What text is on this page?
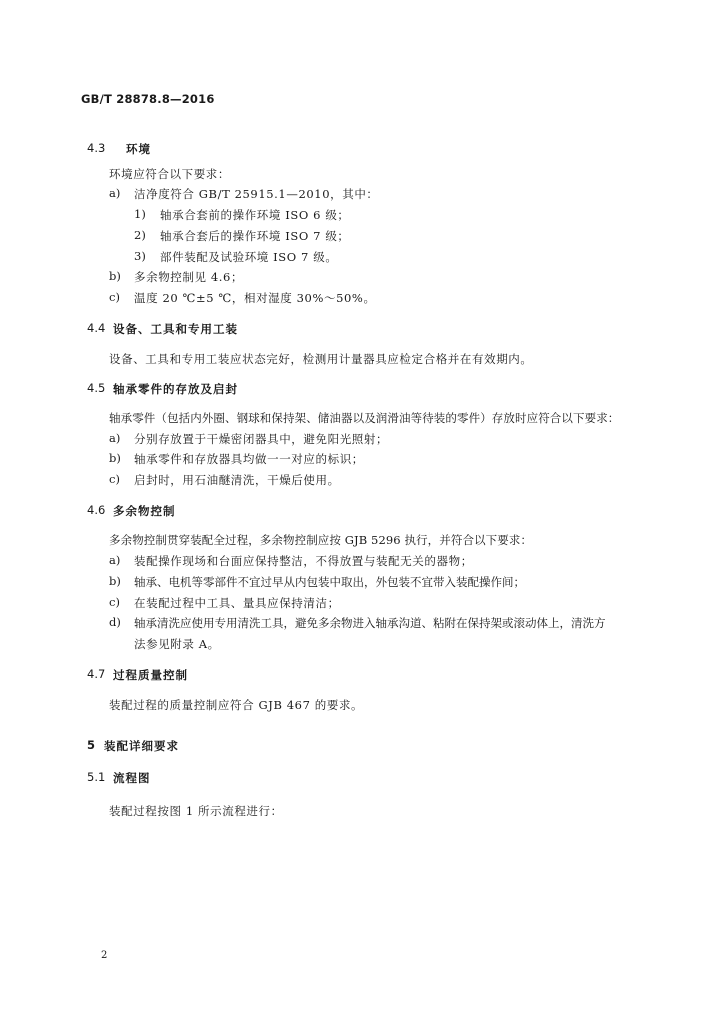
GB/T 28878.8—2016
4.3 环境
环境应符合以下要求：
a) 洁净度符合 GB/T 25915.1—2010，其中：
1) 轴承合套前的操作环境 ISO 6 级；
2) 轴承合套后的操作环境 ISO 7 级；
3) 部件装配及试验环境 ISO 7 级。
b) 多余物控制见 4.6；
c) 温度 20 ℃±5 ℃，相对湿度 30%～50%。
4.4 设备、工具和专用工装
设备、工具和专用工装应状态完好，检测用计量器具应检定合格并在有效期内。
4.5 轴承零件的存放及启封
轴承零件（包括内外圈、钢球和保持架、储油器以及润滑油等待装的零件）存放时应符合以下要求：
a) 分别存放置于干燥密闭器具中，避免阳光照射；
b) 轴承零件和存放器具均做一一对应的标识；
c) 启封时，用石油醚清洗，干燥后使用。
4.6 多余物控制
多余物控制贯穿装配全过程，多余物控制应按 GJB 5296 执行，并符合以下要求：
a) 装配操作现场和台面应保持整洁，不得放置与装配无关的器物；
b) 轴承、电机等零部件不宜过早从内包装中取出，外包装不宜带入装配操作间；
c) 在装配过程中工具、量具应保持清洁；
d) 轴承清洗应使用专用清洗工具，避免多余物进入轴承沟道、粘附在保持架或滚动体上，清洗方
法参见附录 A。
4.7 过程质量控制
装配过程的质量控制应符合 GJB 467 的要求。
5 装配详细要求
5.1 流程图
装配过程按图 1 所示流程进行：
2
